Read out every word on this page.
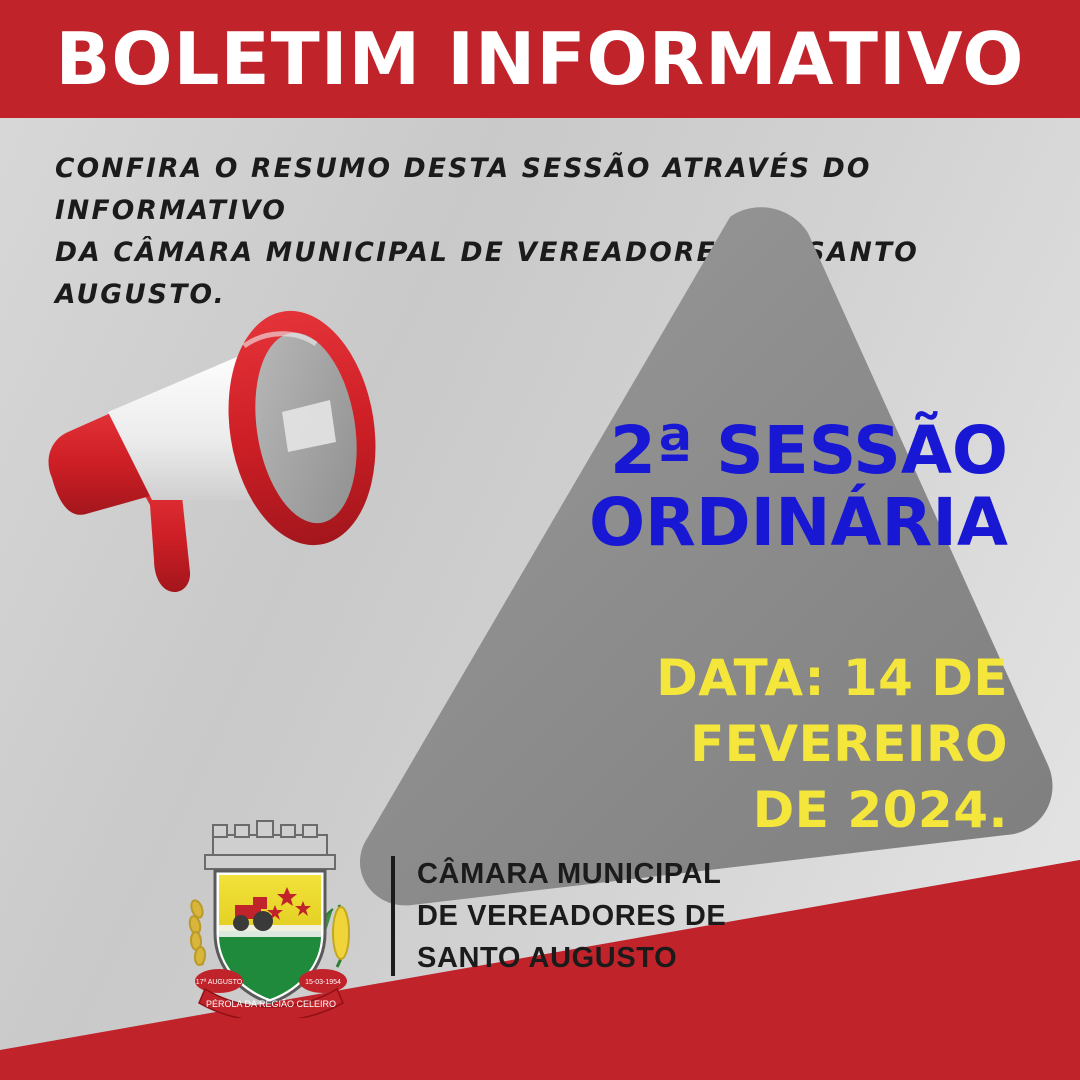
BOLETIM INFORMATIVO
CONFIRA O RESUMO DESTA SESSÃO ATRAVÉS DO INFORMATIVO
DA CÂMARA MUNICIPAL DE VEREADORES DE SANTO AUGUSTO.
2ª SESSÃO
ORDINÁRIA
DATA: 14 DE FEVEREIRO
DE 2024.
17º AUGUSTO	15-03-1954
PÉROLA DA REGIÃO CELEIRO
CÂMARA MUNICIPAL
DE VEREADORES DE
SANTO AUGUSTO
